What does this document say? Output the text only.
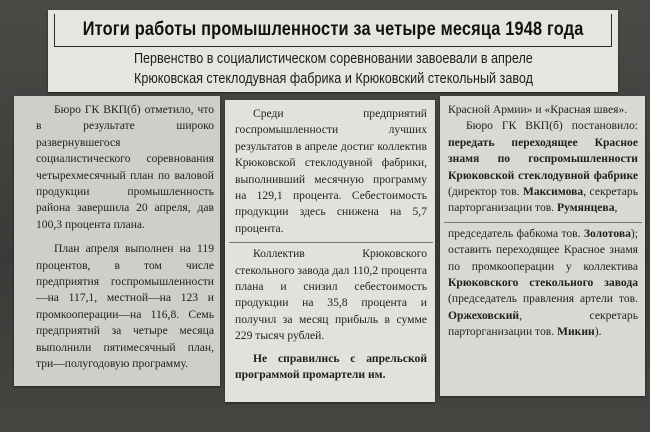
Итоги работы промышленности за четыре месяца 1948 года
Первенство в социалистическом соревновании завоевали в апреле
Крюковская стеклодувная фабрика и Крюковский стекольный завод

Бюро ГК ВКП(б) отметило, что в результате широко развернувшегося социалистического соревнования четырехмесячный план по валовой продукции промышленность района завершила 20 апреля, дав 100,3 процента плана.

План апреля выполнен на 119 процентов, в том числе предприятия госпромышленности—на 117,1, местной—на 123 и промкооперации—на 116,8. Семь предприятий за четыре месяца выполнили пятимесячный план, три—полугодовую программу.

Среди предприятий госпромышленности лучших результатов в апреле достиг коллектив Крюковской стеклодувной фабрики, выполнивший месячную программу на 129,1 процента. Себестоимость продукции здесь снижена на 5,7 процента.

Коллектив Крюковского стекольного завода дал 110,2 процента плана и снизил себестоимость продукции на 35,8 процента и получил за месяц прибыль в сумме 229 тысяч рублей.

Не справились с апрельской программой промартели им.

Красной Армии» и «Красная швея».

Бюро ГК ВКП(б) постановило: передать переходящее Красное знамя по госпромышленности Крюковской стеклодувной фабрике (директор тов. Максимова, секретарь парторганизации тов. Румянцева,

председатель фабкома тов. Золотова); оставить переходящее Красное знамя по промкооперации у коллектива Крюковского стекольного завода (председатель правления артели тов. Оржеховский, секретарь парторганизации тов. Микин).
